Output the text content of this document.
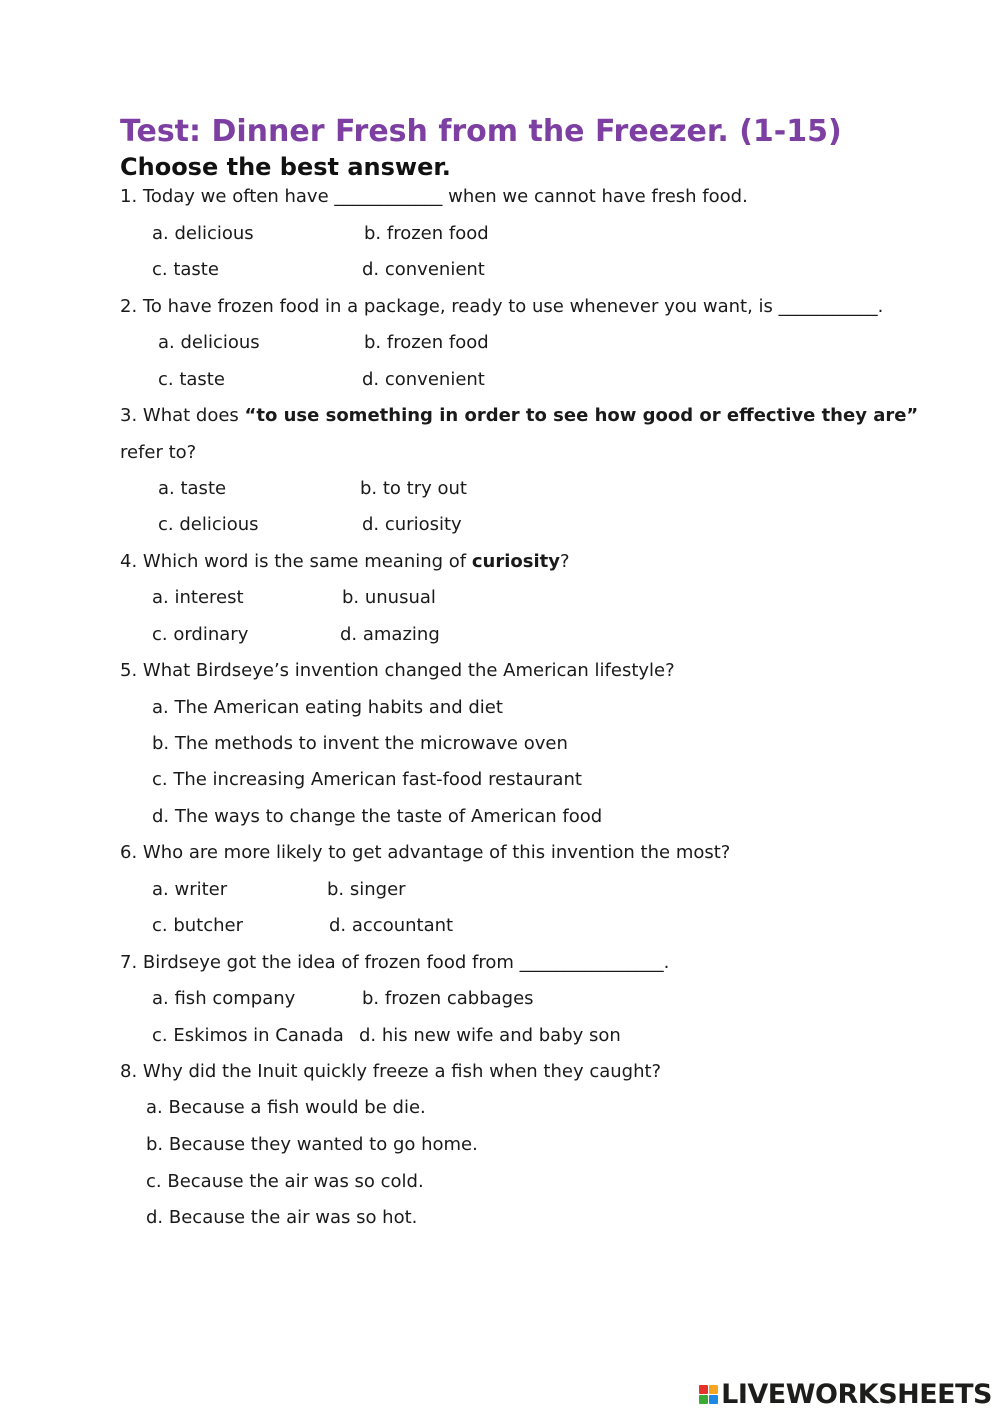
Test: Dinner Fresh from the Freezer. (1-15)
Choose the best answer.
1. Today we often have ____________ when we cannot have fresh food.
a. delicious	b. frozen food
c. taste	d. convenient
2. To have frozen food in a package, ready to use whenever you want, is ___________.
a. delicious	b. frozen food
c. taste	d. convenient
3. What does “to use something in order to see how good or effective they are”
refer to?
a. taste	b. to try out
c. delicious	d. curiosity
4. Which word is the same meaning of curiosity?
a. interest	b. unusual
c. ordinary	d. amazing
5. What Birdseye’s invention changed the American lifestyle?
a. The American eating habits and diet
b. The methods to invent the microwave oven
c. The increasing American fast-food restaurant
d. The ways to change the taste of American food
6. Who are more likely to get advantage of this invention the most?
a. writer	b. singer
c. butcher	d. accountant
7. Birdseye got the idea of frozen food from ________________.
a. fish company	b. frozen cabbages
c. Eskimos in Canada d. his new wife and baby son
8. Why did the Inuit quickly freeze a fish when they caught?
a. Because a fish would be die.
b. Because they wanted to go home.
c. Because the air was so cold.
d. Because the air was so hot.
LIVEWORKSHEETS
